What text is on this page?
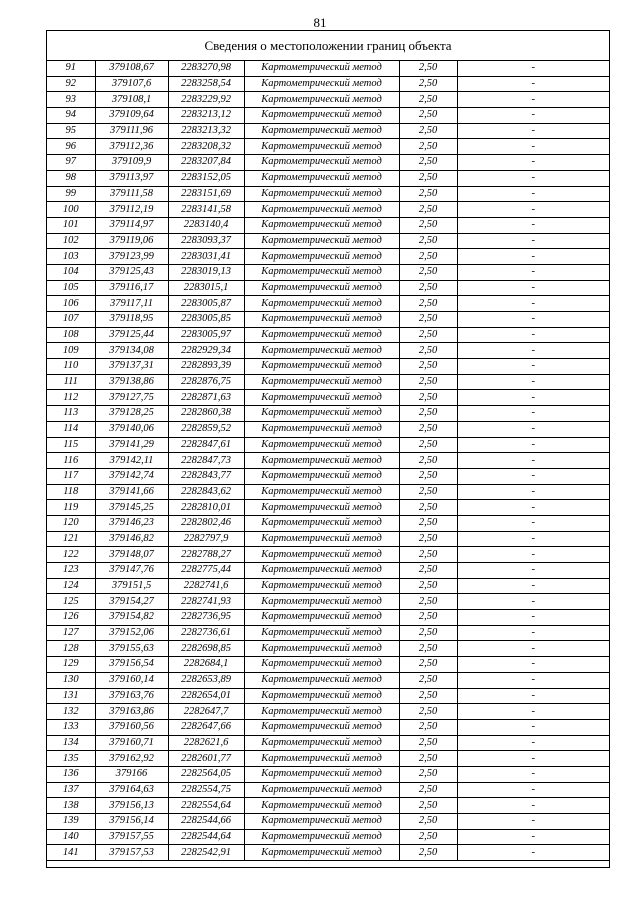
81
Сведения о местоположении границ объекта
91	379108,67	2283270,98	Картометрический метод	2,50	-
92	379107,6	2283258,54	Картометрический метод	2,50	-
93	379108,1	2283229,92	Картометрический метод	2,50	-
94	379109,64	2283213,12	Картометрический метод	2,50	-
95	379111,96	2283213,32	Картометрический метод	2,50	-
96	379112,36	2283208,32	Картометрический метод	2,50	-
97	379109,9	2283207,84	Картометрический метод	2,50	-
98	379113,97	2283152,05	Картометрический метод	2,50	-
99	379111,58	2283151,69	Картометрический метод	2,50	-
100	379112,19	2283141,58	Картометрический метод	2,50	-
101	379114,97	2283140,4	Картометрический метод	2,50	-
102	379119,06	2283093,37	Картометрический метод	2,50	-
103	379123,99	2283031,41	Картометрический метод	2,50	-
104	379125,43	2283019,13	Картометрический метод	2,50	-
105	379116,17	2283015,1	Картометрический метод	2,50	-
106	379117,11	2283005,87	Картометрический метод	2,50	-
107	379118,95	2283005,85	Картометрический метод	2,50	-
108	379125,44	2283005,97	Картометрический метод	2,50	-
109	379134,08	2282929,34	Картометрический метод	2,50	-
110	379137,31	2282893,39	Картометрический метод	2,50	-
111	379138,86	2282876,75	Картометрический метод	2,50	-
112	379127,75	2282871,63	Картометрический метод	2,50	-
113	379128,25	2282860,38	Картометрический метод	2,50	-
114	379140,06	2282859,52	Картометрический метод	2,50	-
115	379141,29	2282847,61	Картометрический метод	2,50	-
116	379142,11	2282847,73	Картометрический метод	2,50	-
117	379142,74	2282843,77	Картометрический метод	2,50	-
118	379141,66	2282843,62	Картометрический метод	2,50	-
119	379145,25	2282810,01	Картометрический метод	2,50	-
120	379146,23	2282802,46	Картометрический метод	2,50	-
121	379146,82	2282797,9	Картометрический метод	2,50	-
122	379148,07	2282788,27	Картометрический метод	2,50	-
123	379147,76	2282775,44	Картометрический метод	2,50	-
124	379151,5	2282741,6	Картометрический метод	2,50	-
125	379154,27	2282741,93	Картометрический метод	2,50	-
126	379154,82	2282736,95	Картометрический метод	2,50	-
127	379152,06	2282736,61	Картометрический метод	2,50	-
128	379155,63	2282698,85	Картометрический метод	2,50	-
129	379156,54	2282684,1	Картометрический метод	2,50	-
130	379160,14	2282653,89	Картометрический метод	2,50	-
131	379163,76	2282654,01	Картометрический метод	2,50	-
132	379163,86	2282647,7	Картометрический метод	2,50	-
133	379160,56	2282647,66	Картометрический метод	2,50	-
134	379160,71	2282621,6	Картометрический метод	2,50	-
135	379162,92	2282601,77	Картометрический метод	2,50	-
136	379166	2282564,05	Картометрический метод	2,50	-
137	379164,63	2282554,75	Картометрический метод	2,50	-
138	379156,13	2282554,64	Картометрический метод	2,50	-
139	379156,14	2282544,66	Картометрический метод	2,50	-
140	379157,55	2282544,64	Картометрический метод	2,50	-
141	379157,53	2282542,91	Картометрический метод	2,50	-
